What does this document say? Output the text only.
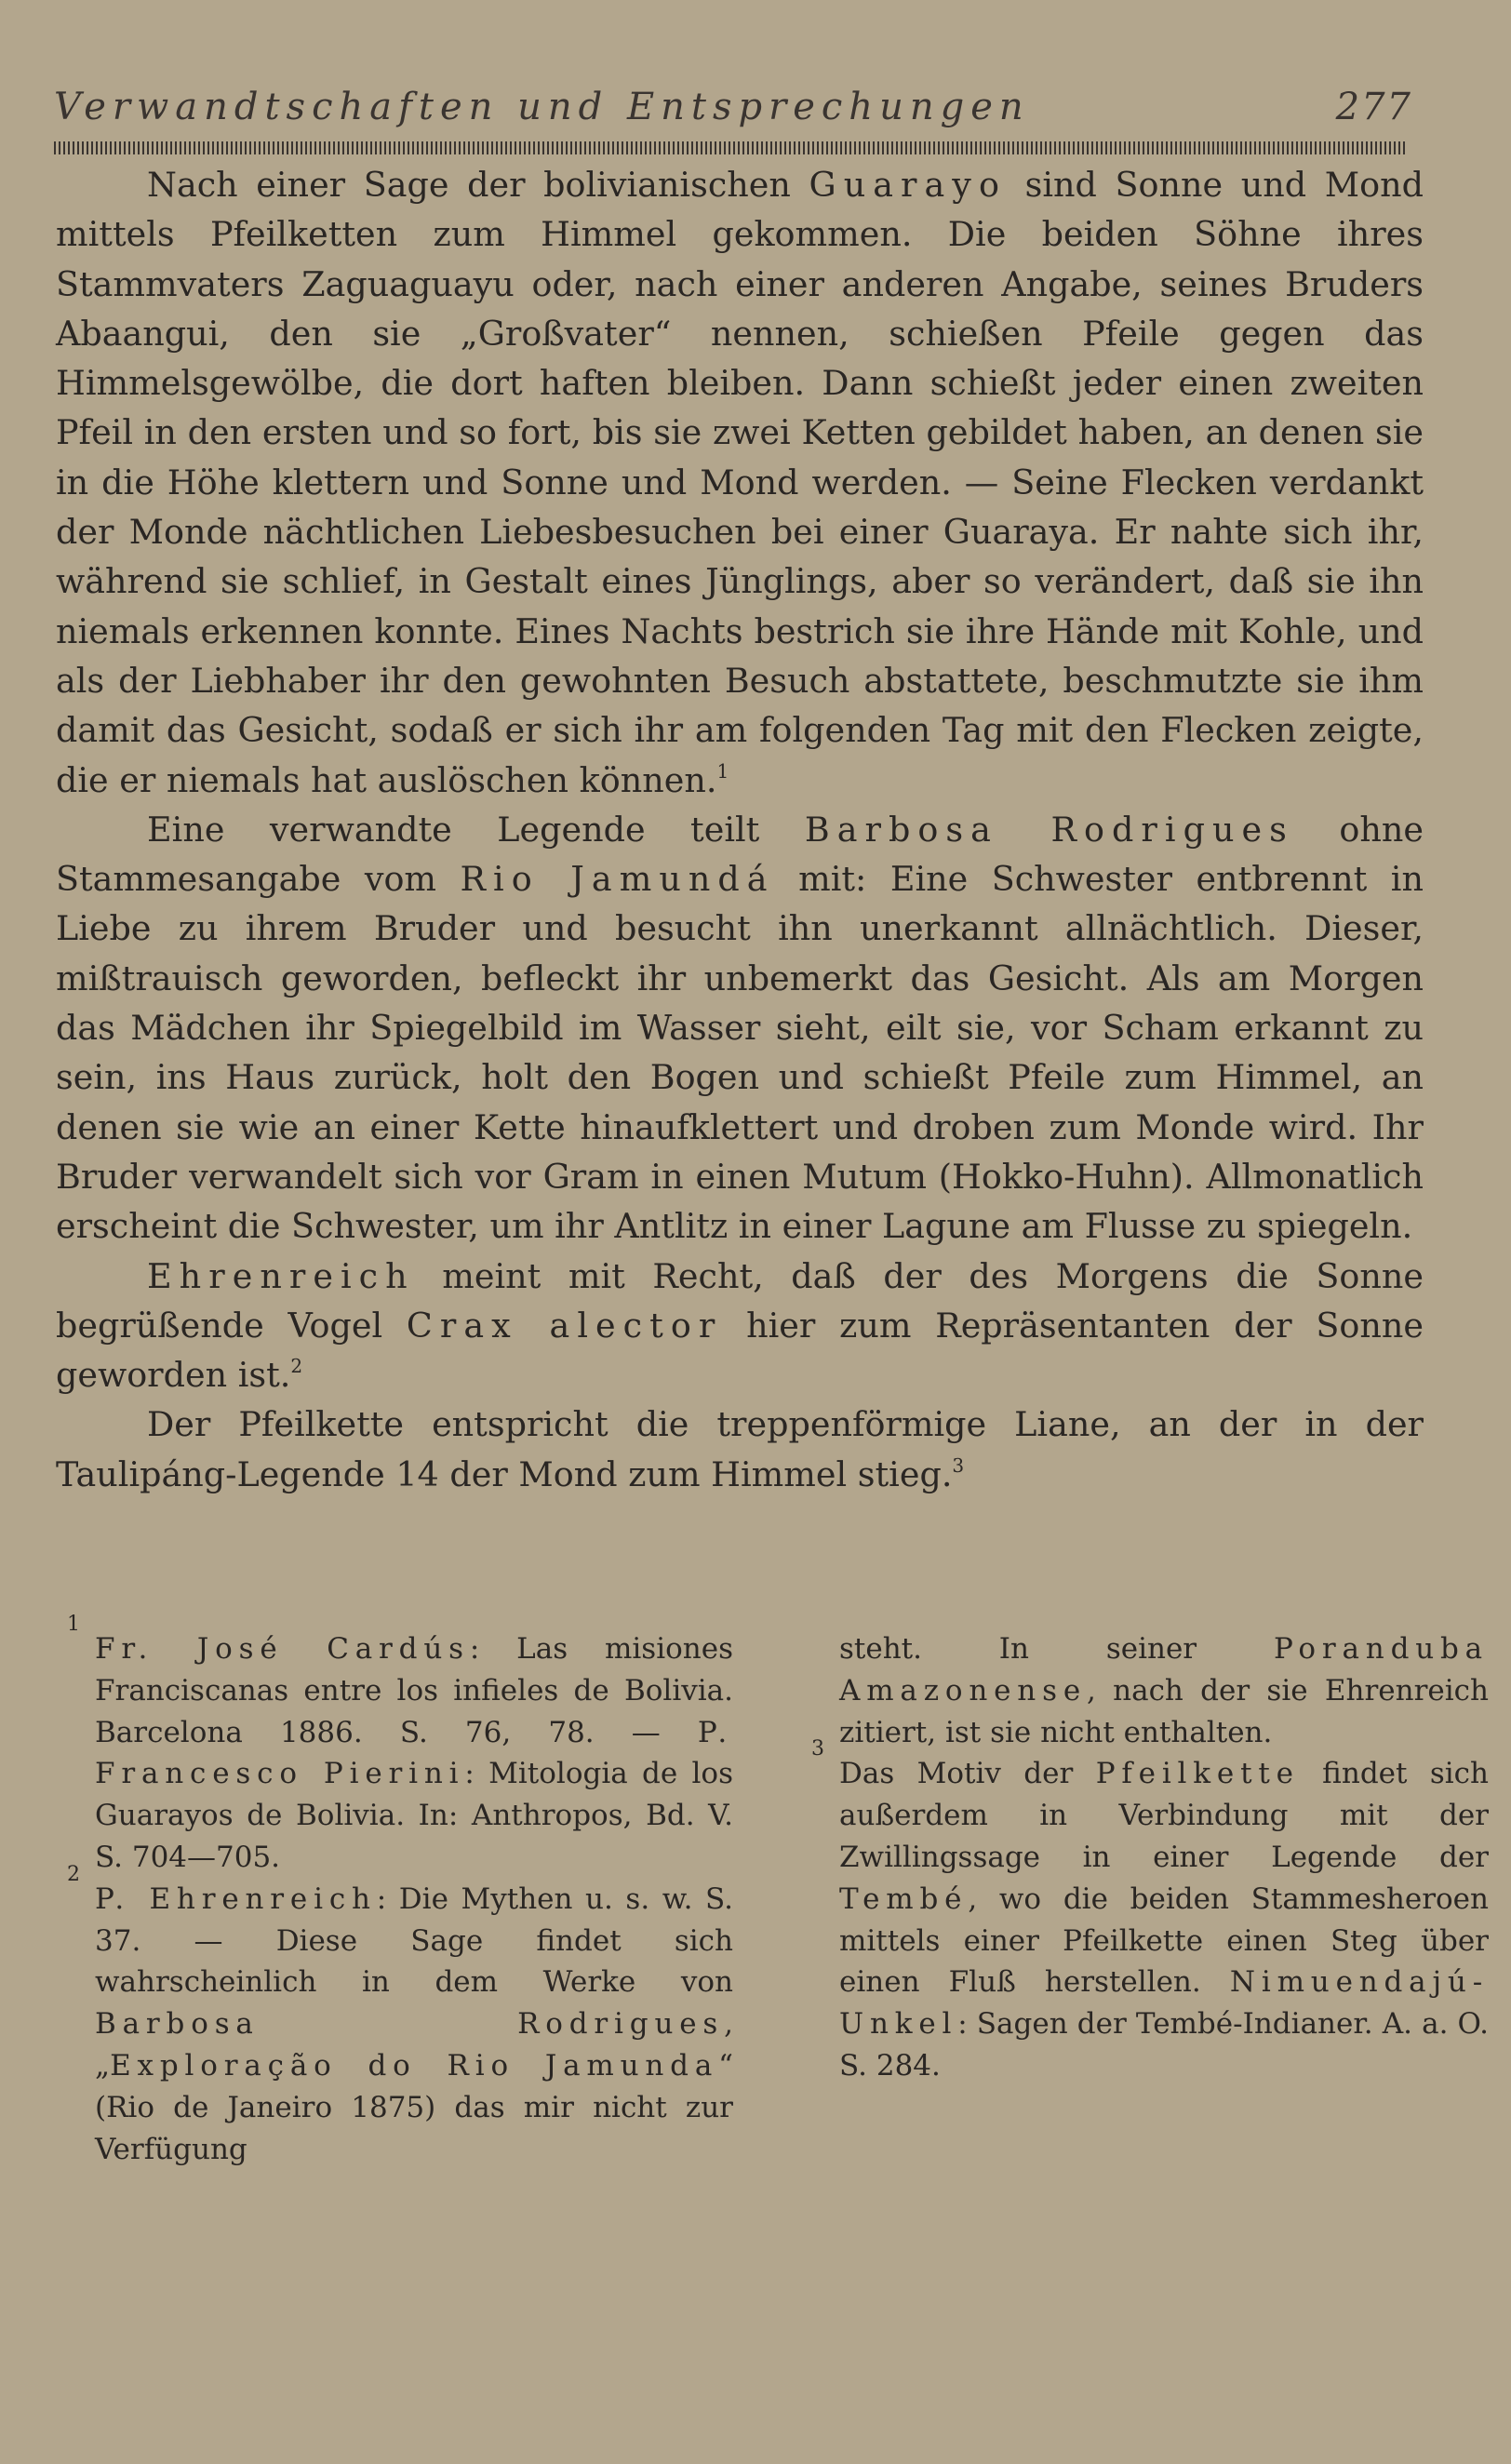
Verwandtschaften und Entsprechungen	277

Nach einer Sage der bolivianischen Guarayo sind Sonne und Mond mittels Pfeilketten zum Himmel gekommen. Die beiden Söhne ihres Stammvaters Zaguaguayu oder, nach einer anderen Angabe, seines Bruders Abaangui, den sie „Großvater“ nennen, schießen Pfeile gegen das Himmelsgewölbe, die dort haften bleiben. Dann schießt jeder einen zweiten Pfeil in den ersten und so fort, bis sie zwei Ketten gebildet haben, an denen sie in die Höhe klettern und Sonne und Mond werden. — Seine Flecken verdankt der Monde nächtlichen Liebesbesuchen bei einer Guaraya. Er nahte sich ihr, während sie schlief, in Gestalt eines Jünglings, aber so verändert, daß sie ihn niemals erkennen konnte. Eines Nachts bestrich sie ihre Hände mit Kohle, und als der Liebhaber ihr den gewohnten Besuch abstattete, beschmutzte sie ihm damit das Gesicht, sodaß er sich ihr am folgenden Tag mit den Flecken zeigte, die er niemals hat auslöschen können.$^1$

Eine verwandte Legende teilt Barbosa Rodrigues ohne Stammesangabe vom Rio Jamundá mit: Eine Schwester entbrennt in Liebe zu ihrem Bruder und besucht ihn unerkannt allnächtlich. Dieser, mißtrauisch geworden, befleckt ihr unbemerkt das Gesicht. Als am Morgen das Mädchen ihr Spiegelbild im Wasser sieht, eilt sie, vor Scham erkannt zu sein, ins Haus zurück, holt den Bogen und schießt Pfeile zum Himmel, an denen sie wie an einer Kette hinaufklettert und droben zum Monde wird. Ihr Bruder verwandelt sich vor Gram in einen Mutum (Hokko-Huhn). Allmonatlich erscheint die Schwester, um ihr Antlitz in einer Lagune am Flusse zu spiegeln.

Ehrenreich meint mit Recht, daß der des Morgens die Sonne begrüßende Vogel Crax alector hier zum Repräsentanten der Sonne geworden ist.$^2$

Der Pfeilkette entspricht die treppenförmige Liane, an der in der Taulipáng-Legende 14 der Mond zum Himmel stieg.$^3$

1
Fr. José Cardús: Las misiones Franciscanas entre los infieles de Bolivia. Barcelona 1886. S. 76, 78. — P. Francesco Pierini: Mitologia de los Guarayos de Bolivia. In: Anthropos, Bd. V. S. 704—705.
2
P. Ehrenreich: Die Mythen u. s. w. S. 37. — Diese Sage findet sich wahrscheinlich in dem Werke von Barbosa Rodrigues, „Exploração do Rio Jamunda“ (Rio de Janeiro 1875) das mir nicht zur Verfügung
steht. In seiner Poranduba Amazonense, nach der sie Ehrenreich zitiert, ist sie nicht enthalten.
3
Das Motiv der Pfeilkette findet sich außerdem in Verbindung mit der Zwillingssage in einer Legende der Tembé, wo die beiden Stammesheroen mittels einer Pfeilkette einen Steg über einen Fluß herstellen. Nimuendajú-Unkel: Sagen der Tembé-Indianer. A. a. O. S. 284.
